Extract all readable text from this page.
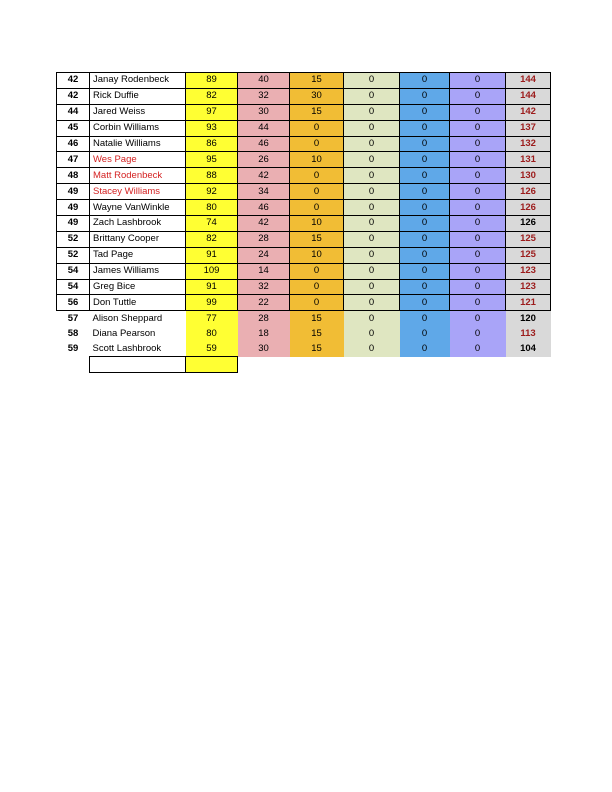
42	Janay Rodenbeck	89	40	15	0	0	0	144
42	Rick Duffie	82	32	30	0	0	0	144
44	Jared Weiss	97	30	15	0	0	0	142
45	Corbin Williams	93	44	0	0	0	0	137
46	Natalie Williams	86	46	0	0	0	0	132
47	Wes Page	95	26	10	0	0	0	131
48	Matt Rodenbeck	88	42	0	0	0	0	130
49	Stacey Williams	92	34	0	0	0	0	126
49	Wayne VanWinkle	80	46	0	0	0	0	126
49	Zach Lashbrook	74	42	10	0	0	0	126
52	Brittany Cooper	82	28	15	0	0	0	125
52	Tad Page	91	24	10	0	0	0	125
54	James Williams	109	14	0	0	0	0	123
54	Greg Bice	91	32	0	0	0	0	123
56	Don Tuttle	99	22	0	0	0	0	121
57	Alison Sheppard	77	28	15	0	0	0	120
58	Diana Pearson	80	18	15	0	0	0	113
59	Scott Lashbrook	59	30	15	0	0	0	104
